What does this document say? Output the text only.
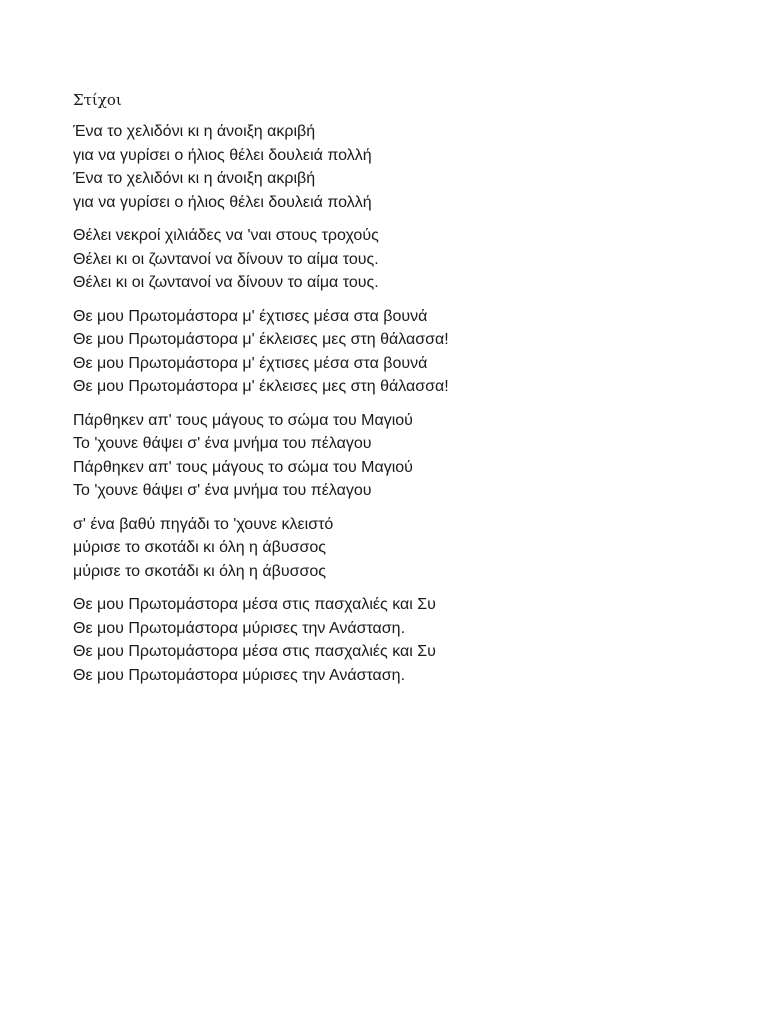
Στίχοι
Ένα το χελιδόνι κι η άνοιξη ακριβή
για να γυρίσει ο ήλιος θέλει δουλειά πολλή
Ένα το χελιδόνι κι η άνοιξη ακριβή
για να γυρίσει ο ήλιος θέλει δουλειά πολλή
Θέλει νεκροί χιλιάδες να 'ναι στους τροχούς
Θέλει κι οι ζωντανοί να δίνουν το αίμα τους.
Θέλει κι οι ζωντανοί να δίνουν το αίμα τους.
Θε μου Πρωτομάστορα μ' έχτισες μέσα στα βουνά
Θε μου Πρωτομάστορα μ' έκλεισες μες στη θάλασσα!
Θε μου Πρωτομάστορα μ' έχτισες μέσα στα βουνά
Θε μου Πρωτομάστορα μ' έκλεισες μες στη θάλασσα!
Πάρθηκεν απ' τους μάγους το σώμα του Μαγιού
Το 'χουνε θάψει σ' ένα μνήμα του πέλαγου
Πάρθηκεν απ' τους μάγους το σώμα του Μαγιού
Το 'χουνε θάψει σ' ένα μνήμα του πέλαγου
σ' ένα βαθύ πηγάδι το 'χουνε κλειστό
μύρισε το σκοτάδι κι όλη η άβυσσος
μύρισε το σκοτάδι κι όλη η άβυσσος
Θε μου Πρωτομάστορα μέσα στις πασχαλιές και Συ
Θε μου Πρωτομάστορα μύρισες την Ανάσταση.
Θε μου Πρωτομάστορα μέσα στις πασχαλιές και Συ
Θε μου Πρωτομάστορα μύρισες την Ανάσταση.
